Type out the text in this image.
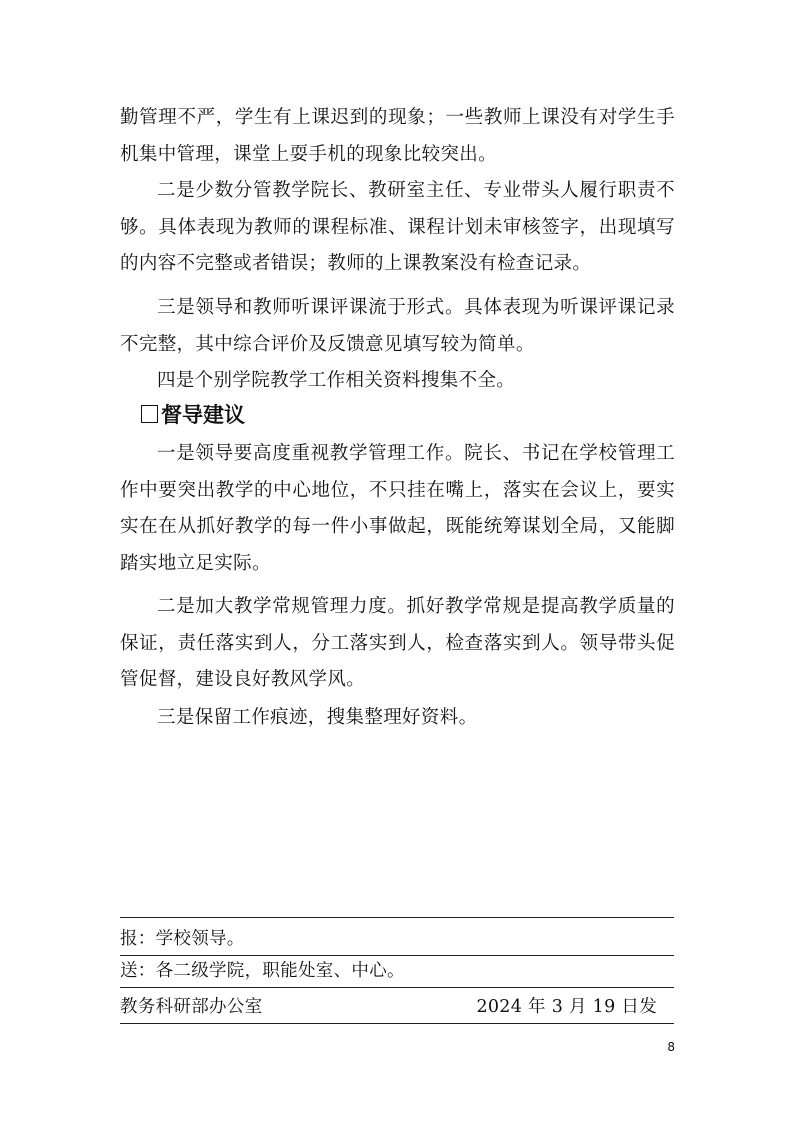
勤管理不严，学生有上课迟到的现象；一些教师上课没有对学生手机集中管理，课堂上耍手机的现象比较突出。

二是少数分管教学院长、教研室主任、专业带头人履行职责不够。具体表现为教师的课程标准、课程计划未审核签字，出现填写的内容不完整或者错误；教师的上课教案没有检查记录。

三是领导和教师听课评课流于形式。具体表现为听课评课记录不完整，其中综合评价及反馈意见填写较为简单。

四是个别学院教学工作相关资料搜集不全。

督导建议

一是领导要高度重视教学管理工作。院长、书记在学校管理工作中要突出教学的中心地位，不只挂在嘴上，落实在会议上，要实实在在从抓好教学的每一件小事做起，既能统筹谋划全局，又能脚踏实地立足实际。

二是加大教学常规管理力度。抓好教学常规是提高教学质量的保证，责任落实到人，分工落实到人，检查落实到人。领导带头促管促督，建设良好教风学风。

三是保留工作痕迹，搜集整理好资料。

报：学校领导。

送：各二级学院，职能处室、中心。

教务科研部办公室	2024 年 3 月 19 日发

8
